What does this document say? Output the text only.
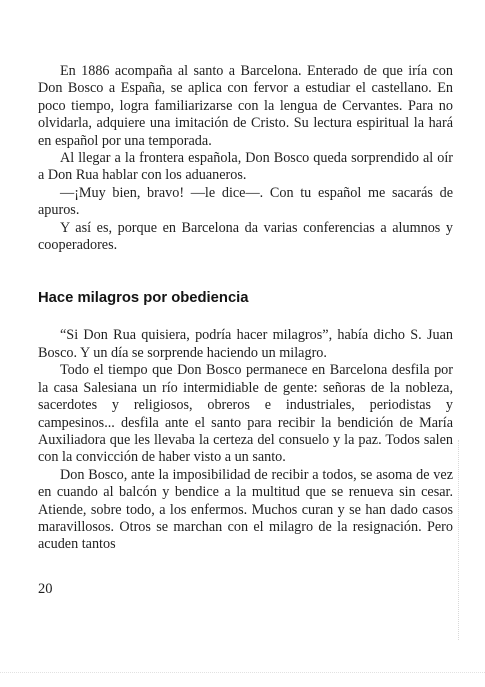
En 1886 acompaña al santo a Barcelona. Enterado de que iría con Don Bosco a España, se aplica con fervor a estudiar el castellano. En poco tiempo, logra familiarizarse con la lengua de Cervantes. Para no olvidarla, adquiere una imitación de Cristo. Su lectura espiritual la hará en español por una temporada.

Al llegar a la frontera española, Don Bosco queda sorprendido al oír a Don Rua hablar con los aduaneros.

—¡Muy bien, bravo! —le dice—. Con tu español me sacarás de apuros.

Y así es, porque en Barcelona da varias conferencias a alumnos y cooperadores.

Hace milagros por obediencia

“Si Don Rua quisiera, podría hacer milagros”, había dicho S. Juan Bosco. Y un día se sorprende haciendo un milagro.

Todo el tiempo que Don Bosco permanece en Barcelona desfila por la casa Salesiana un río intermidiable de gente: señoras de la nobleza, sacerdotes y religiosos, obreros e industriales, periodistas y campesinos... desfila ante el santo para recibir la bendición de María Auxiliadora que les llevaba la certeza del consuelo y la paz. Todos salen con la convicción de haber visto a un santo.

Don Bosco, ante la imposibilidad de recibir a todos, se asoma de vez en cuando al balcón y bendice a la multitud que se renueva sin cesar. Atiende, sobre todo, a los enfermos. Muchos curan y se han dado casos maravillosos. Otros se marchan con el milagro de la resignación. Pero acuden tantos

20
